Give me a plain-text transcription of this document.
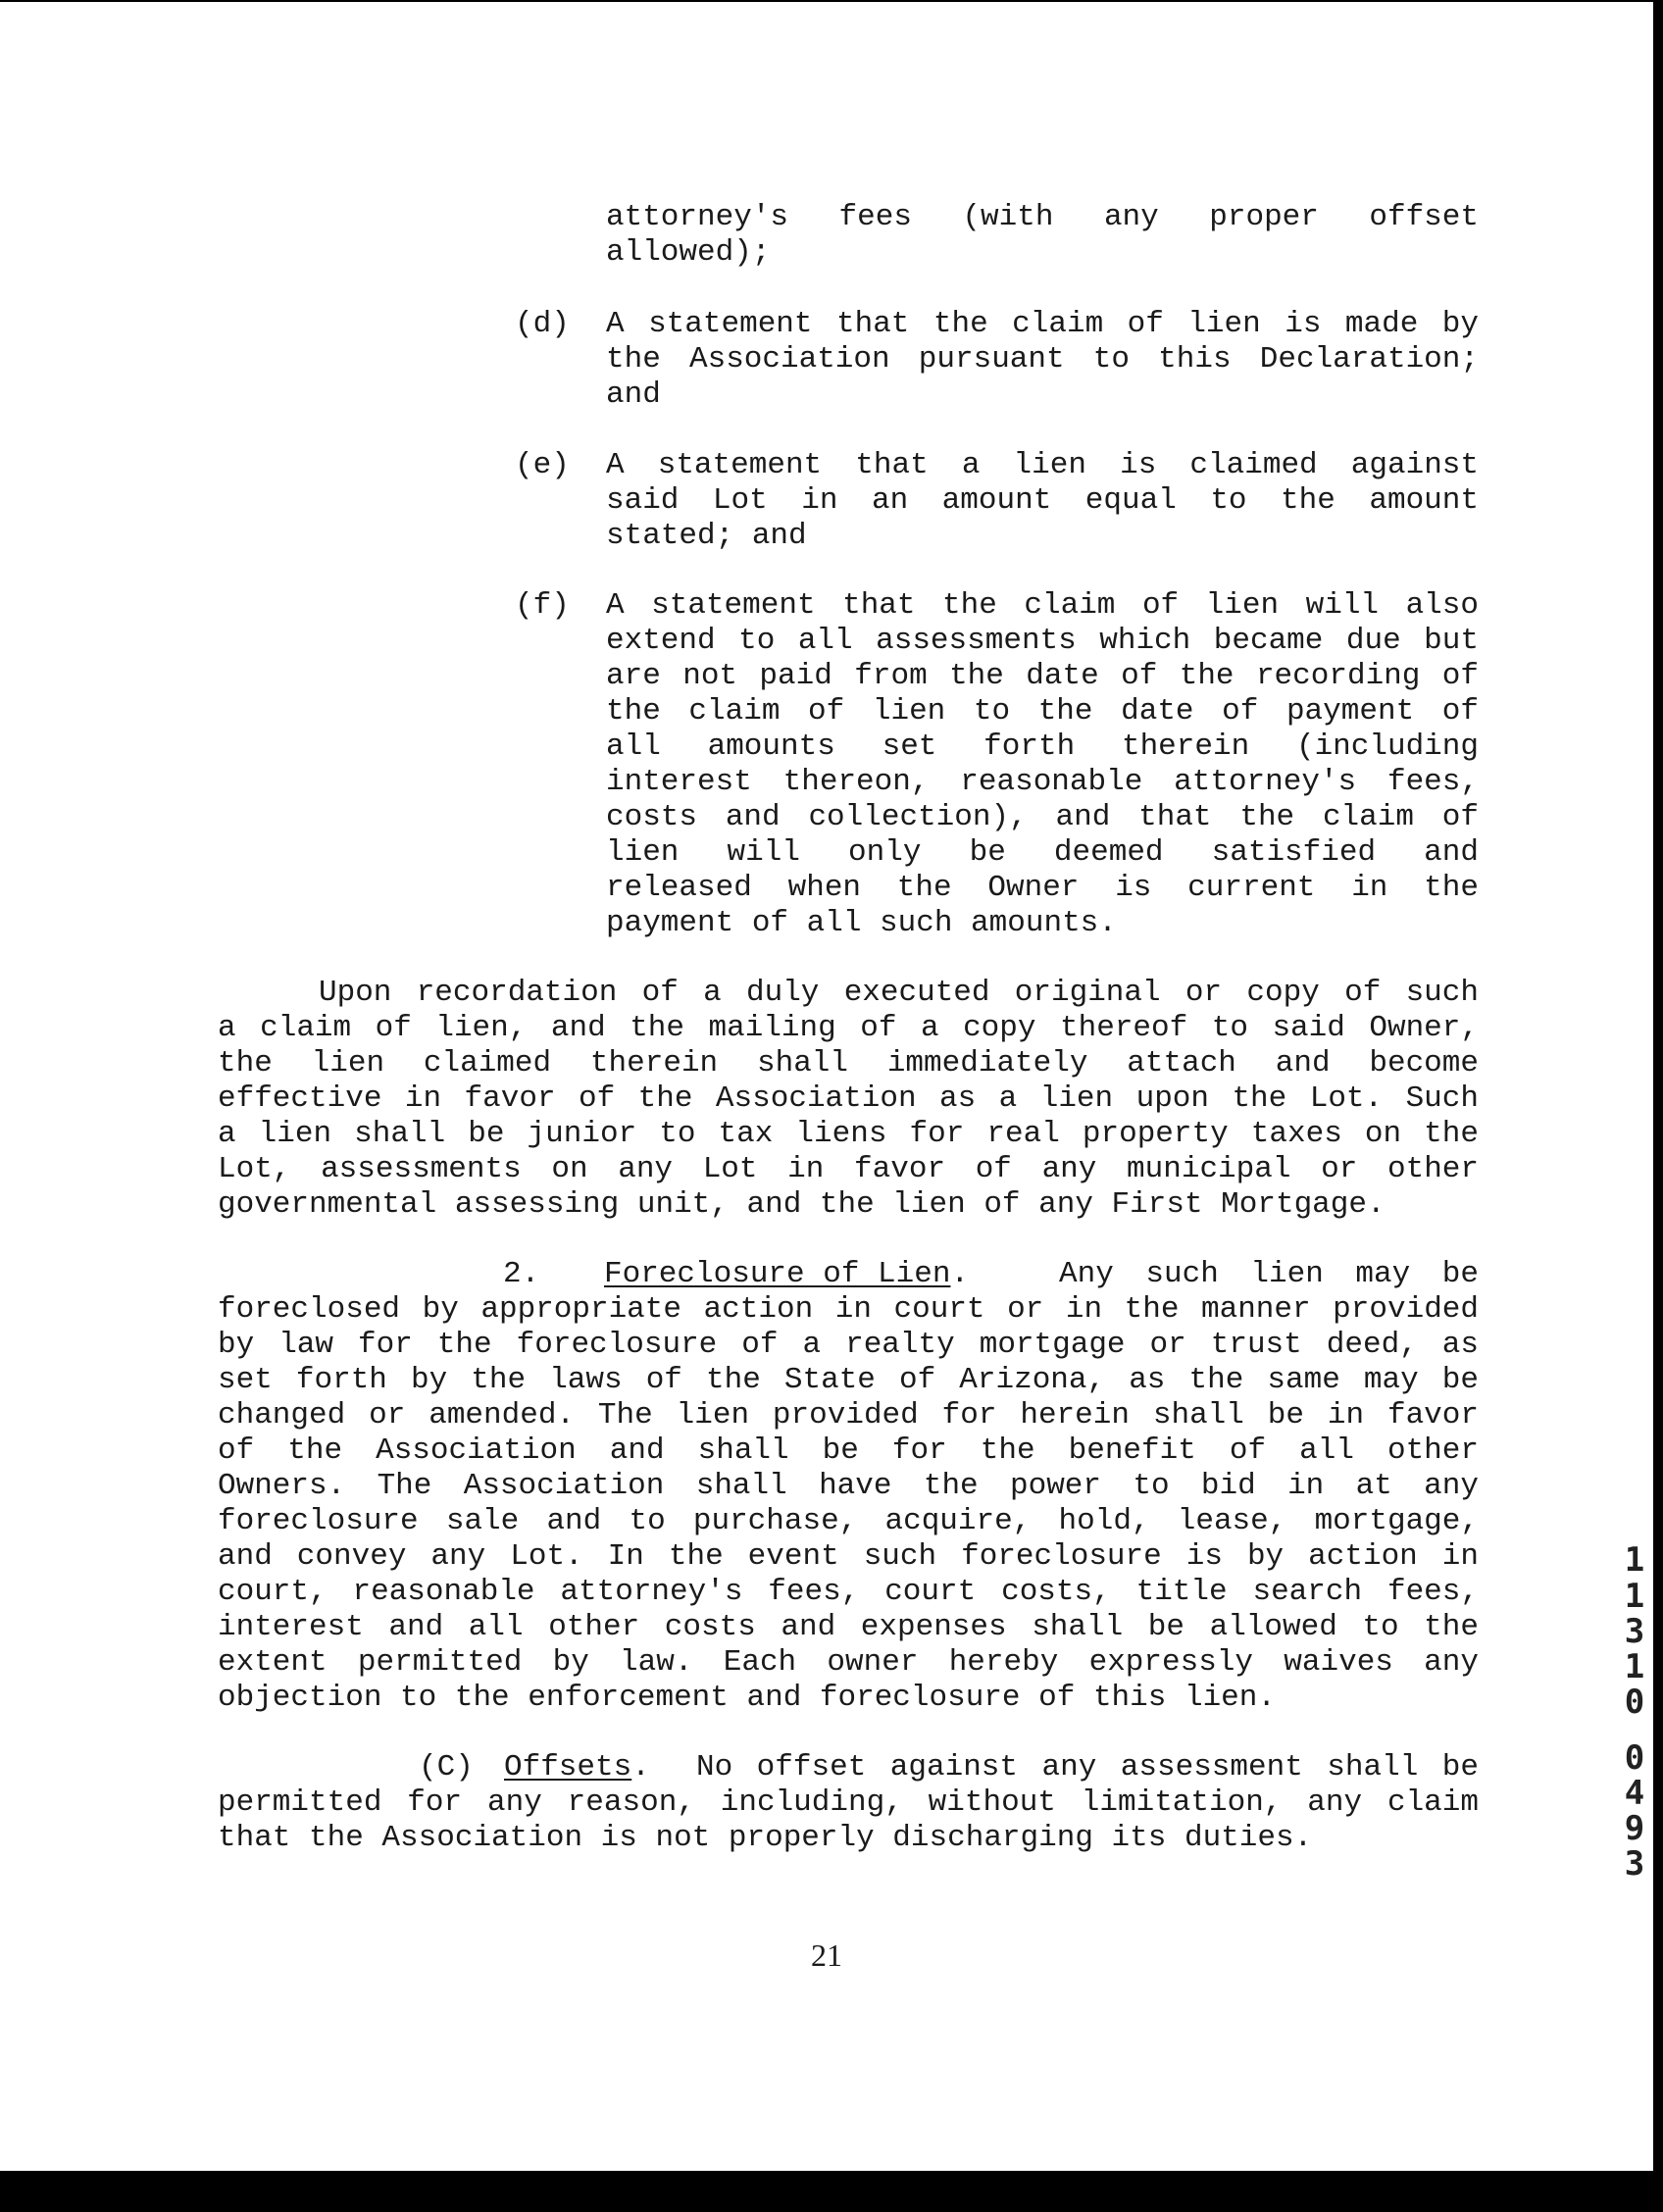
attorney's fees (with any proper offset
allowed);
(d) A statement that the claim of lien is made by
the Association pursuant to this Declaration;
and
(e) A statement that a lien is claimed against
said Lot in an amount equal to the amount
stated; and
(f) A statement that the claim of lien will also
extend to all assessments which became due but
are not paid from the date of the recording of
the claim of lien to the date of payment of
all amounts set forth therein (including
interest thereon, reasonable attorney's fees,
costs and collection), and that the claim of
lien will only be deemed satisfied and
released when the Owner is current in the
payment of all such amounts.
Upon recordation of a duly executed original or copy of such
a claim of lien, and the mailing of a copy thereof to said Owner,
the lien claimed therein shall immediately attach and become
effective in favor of the Association as a lien upon the Lot. Such
a lien shall be junior to tax liens for real property taxes on the
Lot, assessments on any Lot in favor of any municipal or other
governmental assessing unit, and the lien of any First Mortgage.
2. Foreclosure of Lien.	Any such lien may be
foreclosed by appropriate action in court or in the manner provided
by law for the foreclosure of a realty mortgage or trust deed, as
set forth by the laws of the State of Arizona, as the same may be
changed or amended. The lien provided for herein shall be in favor
of the Association and shall be for the benefit of all other
Owners. The Association shall have the power to bid in at any
foreclosure sale and to purchase, acquire, hold, lease, mortgage,
and convey any Lot. In the event such foreclosure is by action in
court, reasonable attorney's fees, court costs, title search fees,
interest and all other costs and expenses shall be allowed to the
extent permitted by law. Each owner hereby expressly waives any
objection to the enforcement and foreclosure of this lien.
(C) Offsets. No offset against any assessment shall be
permitted for any reason, including, without limitation, any claim
that the Association is not properly discharging its duties.
21
1
1
3
1
0
0
4
9
3
